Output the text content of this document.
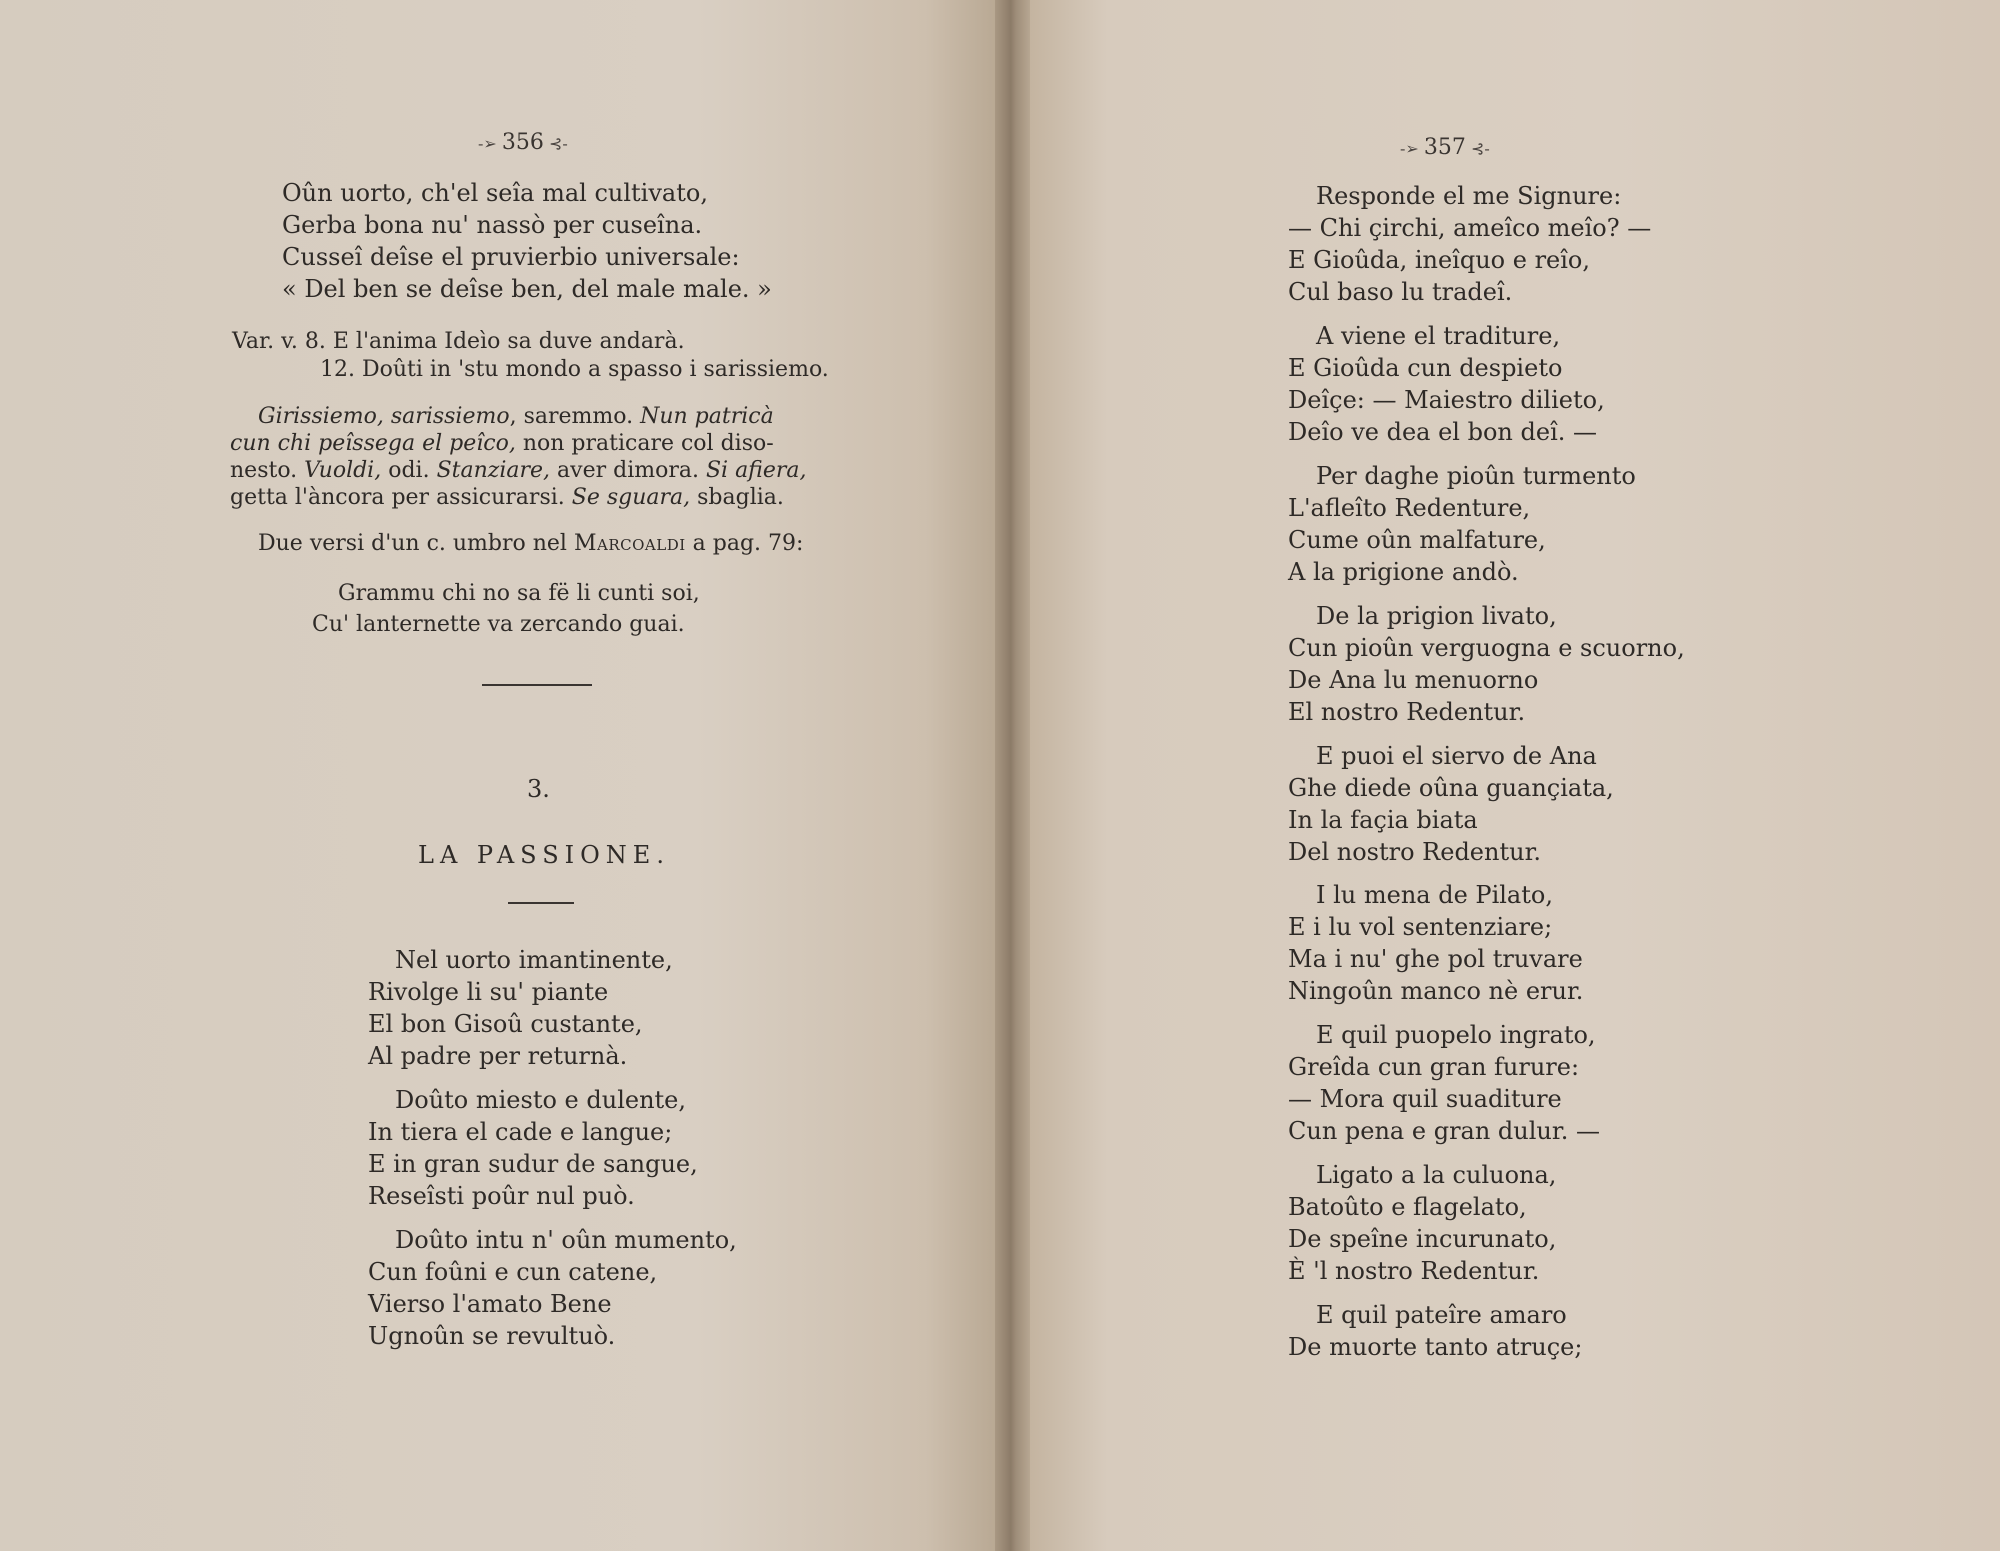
-➢ 356 ⊰-
Oûn uorto, ch'el seîa mal cultivato,
Gerba bona nu' nassò per cuseîna.
Cusseî deîse el pruvierbio universale:
« Del ben se deîse ben, del male male. »
Var. v. 8. E l'anima Ideìo sa duve andarà.
12. Doûti in 'stu mondo a spasso i sarissiemo.
Girissiemo, sarissiemo, saremmo. Nun patricà
cun chi peîssega el peîco, non praticare col diso-
nesto. Vuoldi, odi. Stanziare, aver dimora. Si afiera,
getta l'àncora per assicurarsi. Se sguara, sbaglia.
Due versi d'un c. umbro nel Marcoaldi a pag. 79:
Grammu chi no sa fë li cunti soi,
Cu' lanternette va zercando guai.
3.
LA PASSIONE.
Nel uorto imantinente,
Rivolge li su' piante
El bon Gisoû custante,
Al padre per returnà.
Doûto miesto e dulente,
In tiera el cade e langue;
E in gran sudur de sangue,
Reseîsti poûr nul può.
Doûto intu n' oûn mumento,
Cun foûni e cun catene,
Vierso l'amato Bene
Ugnoûn se revultuò.
-➢ 357 ⊰-
Responde el me Signure:
— Chi çirchi, ameîco meîo? —
E Gioûda, ineîquo e reîo,
Cul baso lu tradeî.
A viene el traditure,
E Gioûda cun despieto
Deîçe: — Maiestro dilieto,
Deîo ve dea el bon deî. —
Per daghe pioûn turmento
L'afleîto Redenture,
Cume oûn malfature,
A la prigione andò.
De la prigion livato,
Cun pioûn verguogna e scuorno,
De Ana lu menuorno
El nostro Redentur.
E puoi el siervo de Ana
Ghe diede oûna guançiata,
In la façia biata
Del nostro Redentur.
I lu mena de Pilato,
E i lu vol sentenziare;
Ma i nu' ghe pol truvare
Ningoûn manco nè erur.
E quil puopelo ingrato,
Greîda cun gran furure:
— Mora quil suaditure
Cun pena e gran dulur. —
Ligato a la culuona,
Batoûto e flagelato,
De speîne incurunato,
È 'l nostro Redentur.
E quil pateîre amaro
De muorte tanto atruçe;
